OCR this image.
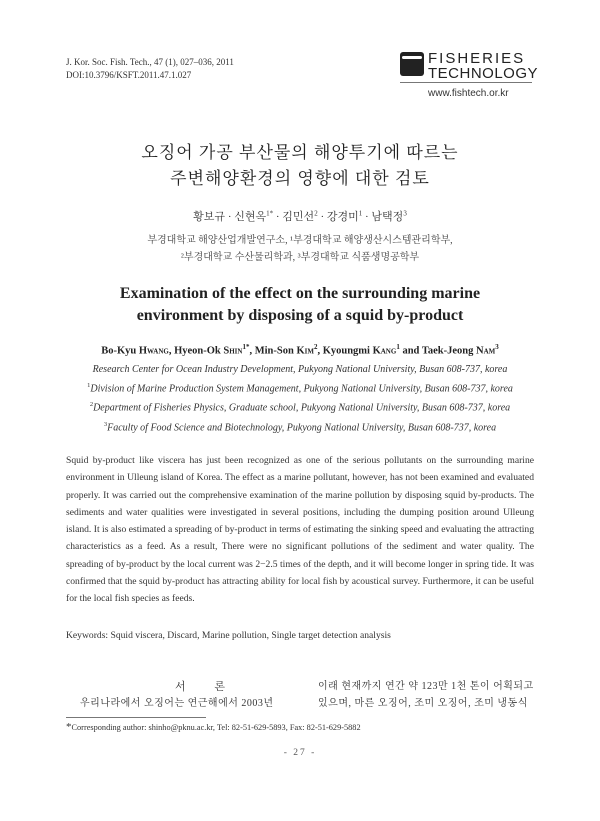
J. Kor. Soc. Fish. Tech., 47 (1), 027–036, 2011
DOI:10.3796/KSFT.2011.47.1.027
FISHERIES
TECHNOLOGY
www.fishtech.or.kr
오징어 가공 부산물의 해양투기에 따르는
주변해양환경의 영향에 대한 검토
황보규 · 신현옥$^{1*}$ · 김민선$^2$ · 강경미$^1$ · 남택정$^3$
부경대학교 해양산업개발연구소, ¹부경대학교 해양생산시스템관리학부,
²부경대학교 수산물리학과, ³부경대학교 식품생명공학부
Examination of the effect on the surrounding marine
environment by disposing of a squid by-product
Bo-Kyu Hwang, Hyeon-Ok Shin$^{1*}$, Min-Son Kim$^2$, Kyoungmi Kang$^1$ and Taek-Jeong Nam$^3$
Research Center for Ocean Industry Development, Pukyong National University, Busan 608-737, korea
$^1$Division of Marine Production System Management, Pukyong National University, Busan 608-737, korea
$^2$Department of Fisheries Physics, Graduate school, Pukyong National University, Busan 608-737, korea
$^3$Faculty of Food Science and Biotechnology, Pukyong National University, Busan 608-737, korea
Squid by-product like viscera has just been recognized as one of the serious pollutants on the surrounding marine environment in Ulleung island of Korea. The effect as a marine pollutant, however, has not been examined and evaluated properly. It was carried out the comprehensive examination of the marine pollution by disposing squid by-products. The sediments and water qualities were investigated in several positions, including the dumping position around Ulleung island. It is also estimated a spreading of by-product in terms of estimating the sinking speed and evaluating the attracting characteristics as a feed. As a result, There were no significant pollutions of the sediment and water quality. The spreading of by-product by the local current was 2−2.5 times of the depth, and it will become longer in spring tide. It was confirmed that the squid by-product has attracting ability for local fish by acoustical survey. Furthermore, it can be useful for the local fish species as feeds.
Keywords: Squid viscera, Discard, Marine pollution, Single target detection analysis
서 론
우리나라에서 오징어는 연근해에서 2003년
이래 현재까지 연간 약 123만 1천 톤이 어획되고
있으며, 마른 오징어, 조미 오징어, 조미 냉동식
*Corresponding author: shinho@pknu.ac.kr, Tel: 82-51-629-5893, Fax: 82-51-629-5882
- 27 -
